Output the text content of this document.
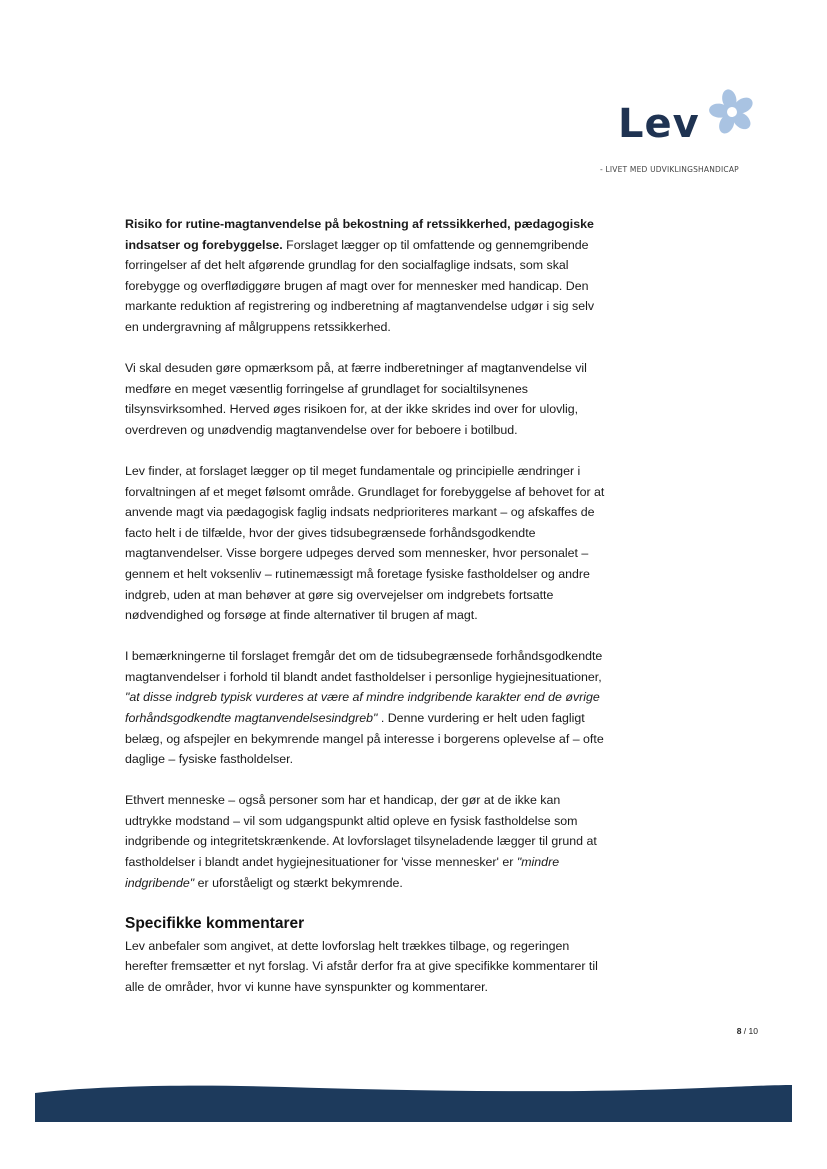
Lev
- LIVET MED UDVIKLINGSHANDICAP

Risiko for rutine-magtanvendelse på bekostning af retssikkerhed, pædagogiske indsatser og forebyggelse. Forslaget lægger op til omfattende og gennemgribende forringelser af det helt afgørende grundlag for den socialfaglige indsats, som skal forebygge og overflødiggøre brugen af magt over for mennesker med handicap. Den markante reduktion af registrering og indberetning af magtanvendelse udgør i sig selv en undergravning af målgruppens retssikkerhed.

Vi skal desuden gøre opmærksom på, at færre indberetninger af magtanvendelse vil medføre en meget væsentlig forringelse af grundlaget for socialtilsynenes tilsynsvirksomhed. Herved øges risikoen for, at der ikke skrides ind over for ulovlig, overdreven og unødvendig magtanvendelse over for beboere i botilbud.

Lev finder, at forslaget lægger op til meget fundamentale og principielle ændringer i forvaltningen af et meget følsomt område. Grundlaget for forebyggelse af behovet for at anvende magt via pædagogisk faglig indsats nedprioriteres markant – og afskaffes de facto helt i de tilfælde, hvor der gives tidsubegrænsede forhåndsgodkendte magtanvendelser. Visse borgere udpeges derved som mennesker, hvor personalet – gennem et helt voksenliv – rutinemæssigt må foretage fysiske fastholdelser og andre indgreb, uden at man behøver at gøre sig overvejelser om indgrebets fortsatte nødvendighed og forsøge at finde alternativer til brugen af magt.

I bemærkningerne til forslaget fremgår det om de tidsubegrænsede forhåndsgodkendte magtanvendelser i forhold til blandt andet fastholdelser i personlige hygiejnesituationer, "at disse indgreb typisk vurderes at være af mindre indgribende karakter end de øvrige forhåndsgodkendte magtanvendelsesindgreb" . Denne vurdering er helt uden fagligt belæg, og afspejler en bekymrende mangel på interesse i borgerens oplevelse af – ofte daglige – fysiske fastholdelser.

Ethvert menneske – også personer som har et handicap, der gør at de ikke kan udtrykke modstand – vil som udgangspunkt altid opleve en fysisk fastholdelse som indgribende og integritetskrænkende. At lovforslaget tilsyneladende lægger til grund at fastholdelser i blandt andet hygiejnesituationer for 'visse mennesker' er "mindre indgribende" er uforståeligt og stærkt bekymrende.

Specifikke kommentarer

Lev anbefaler som angivet, at dette lovforslag helt trækkes tilbage, og regeringen herefter fremsætter et nyt forslag. Vi afstår derfor fra at give specifikke kommentarer til alle de områder, hvor vi kunne have synspunkter og kommentarer.

8 / 10
